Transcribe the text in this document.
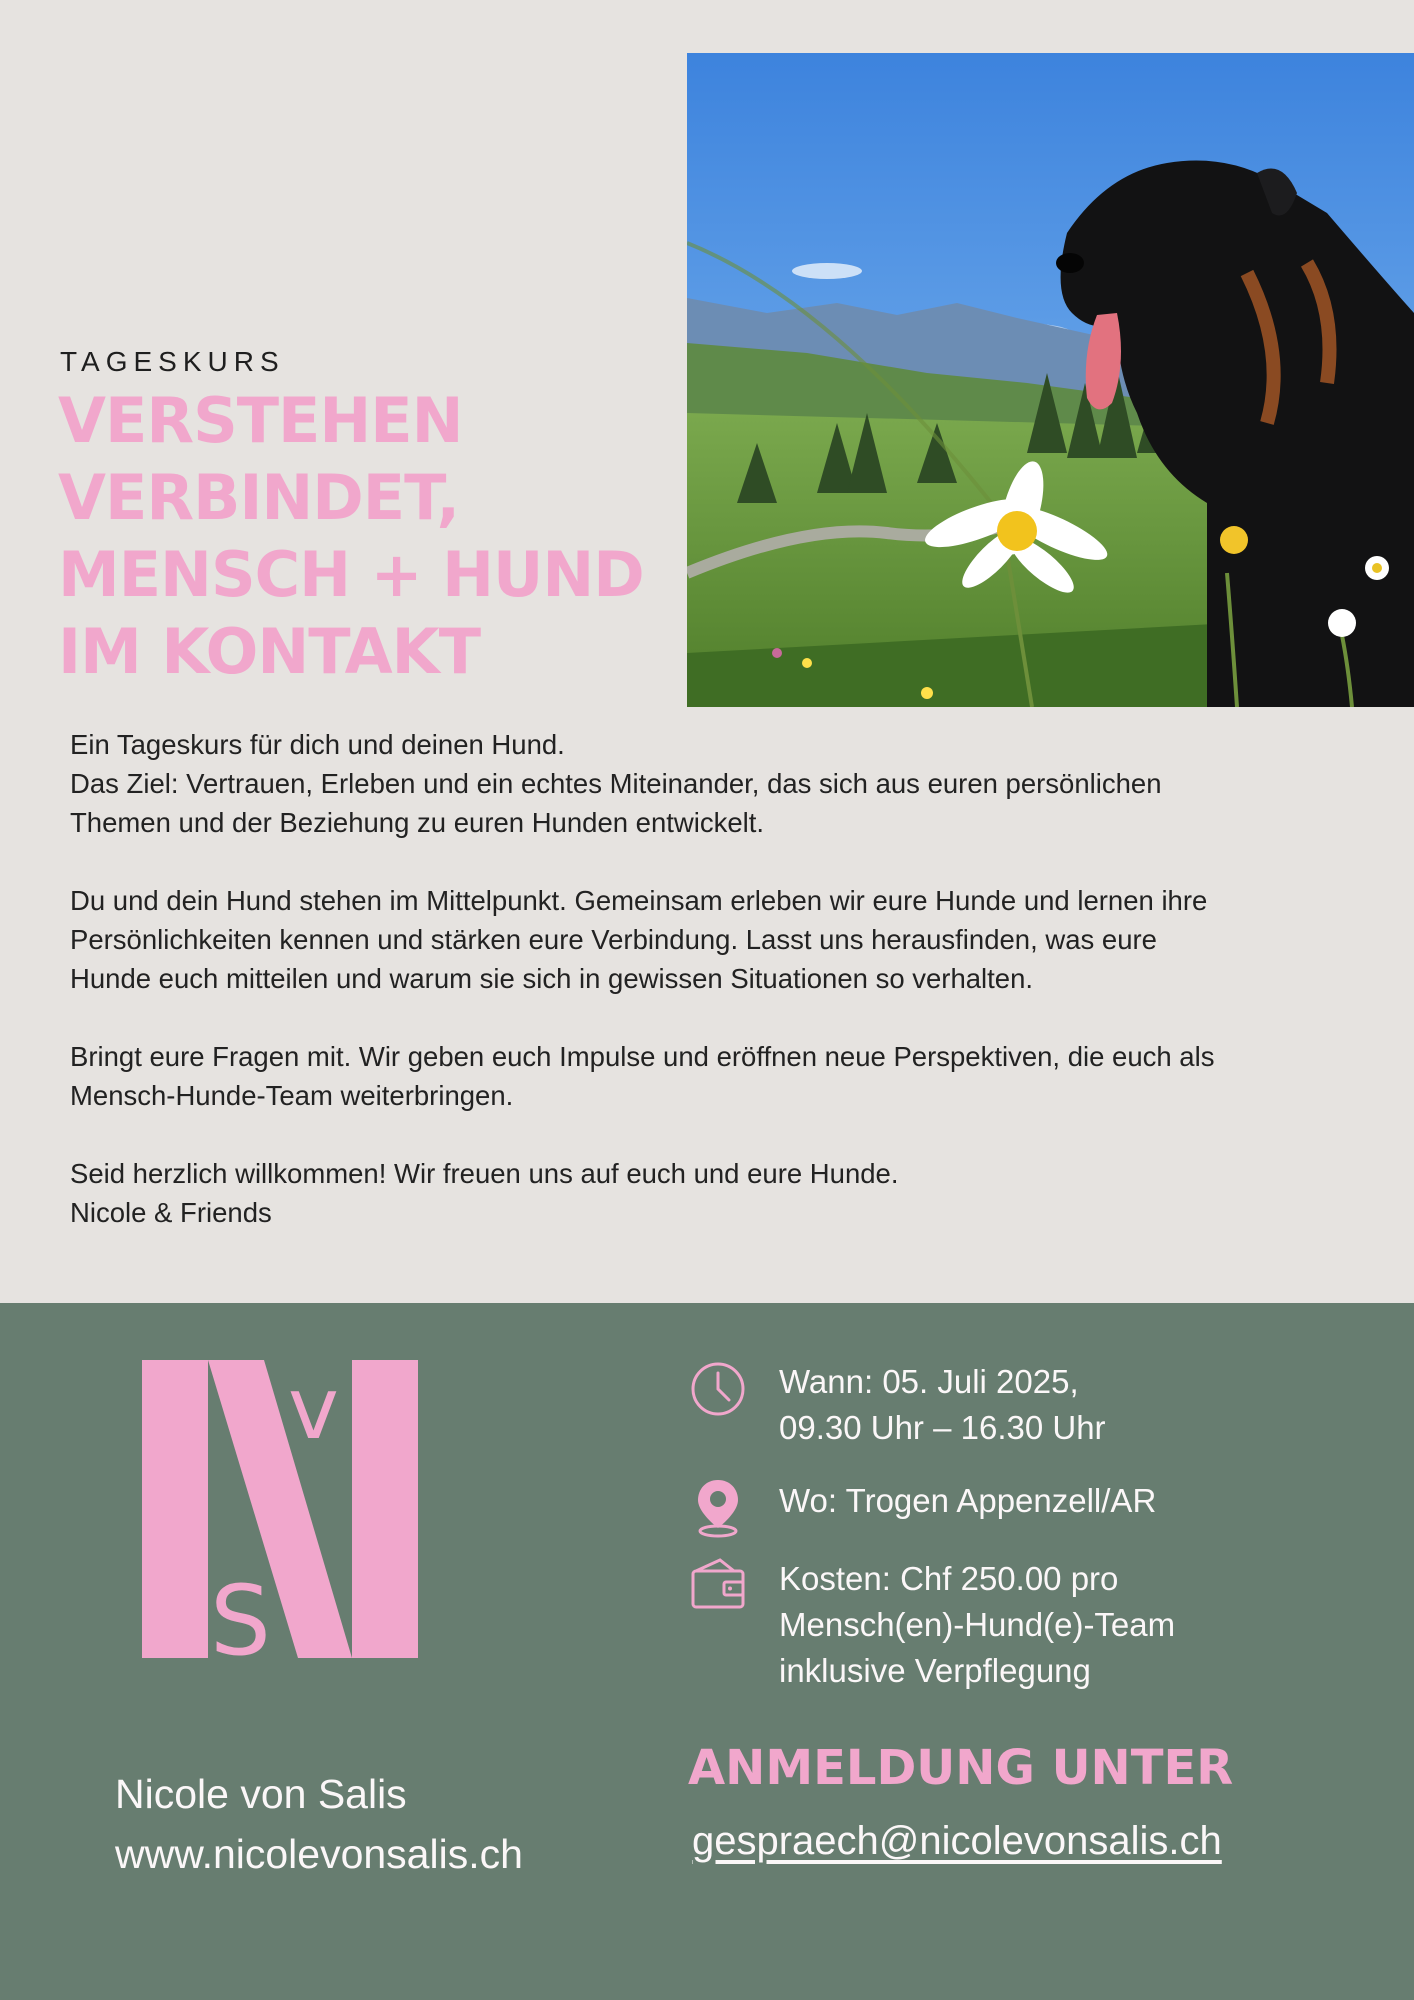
TAGESKURS
VERSTEHEN
VERBINDET,
MENSCH + HUND
IM KONTAKT

Ein Tageskurs für dich und deinen Hund.
Das Ziel: Vertrauen, Erleben und ein echtes Miteinander, das sich aus euren persönlichen
Themen und der Beziehung zu euren Hunden entwickelt.

Du und dein Hund stehen im Mittelpunkt. Gemeinsam erleben wir eure Hunde und lernen ihre
Persönlichkeiten kennen und stärken eure Verbindung. Lasst uns herausfinden, was eure
Hunde euch mitteilen und warum sie sich in gewissen Situationen so verhalten.

Bringt eure Fragen mit. Wir geben euch Impulse und eröffnen neue Perspektiven, die euch als
Mensch-Hunde-Team weiterbringen.

Seid herzlich willkommen! Wir freuen uns auf euch und eure Hunde.
Nicole & Friends

v
S
Nicole von Salis
www.nicolevonsalis.ch
Wann: 05. Juli 2025,
09.30 Uhr – 16.30 Uhr
Wo: Trogen Appenzell/AR
Kosten: Chf 250.00 pro
Mensch(en)-Hund(e)-Team
inklusive Verpflegung
ANMELDUNG UNTER
gespraech@nicolevonsalis.ch
